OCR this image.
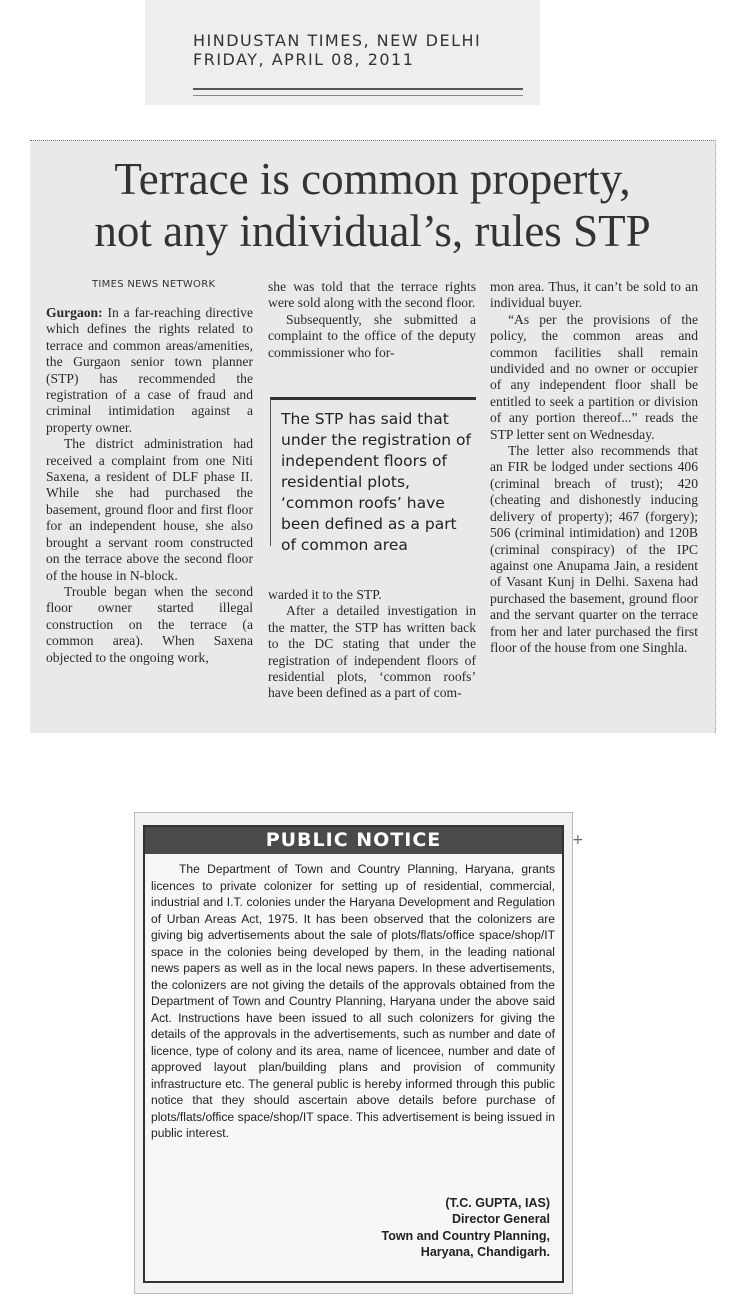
HINDUSTAN TIMES, NEW DELHI
FRIDAY, APRIL 08, 2011
Terrace is common property,
not any individual’s, rules STP
TIMES NEWS NETWORK

Gurgaon: In a far-reaching directive which defines the rights related to terrace and common areas/amenities, the Gurgaon senior town planner (STP) has recommended the registration of a case of fraud and criminal intimidation against a property owner.

The district administration had received a complaint from one Niti Saxena, a resident of DLF phase II. While she had purchased the basement, ground floor and first floor for an independent house, she also brought a servant room constructed on the terrace above the second floor of the house in N-block.

Trouble began when the second floor owner started illegal construction on the terrace (a common area). When Saxena objected to the ongoing work,

she was told that the terrace rights were sold along with the second floor.

Subsequently, she submitted a complaint to the office of the deputy commissioner who for-

The STP has said that under the registration of independent floors of residential plots, ‘common roofs’ have been defined as a part of common area

warded it to the STP.

After a detailed investigation in the matter, the STP has written back to the DC stating that under the registration of independent floors of residential plots, ‘common roofs’ have been defined as a part of com-

mon area. Thus, it can’t be sold to an individual buyer.

“As per the provisions of the policy, the common areas and common facilities shall remain undivided and no owner or occupier of any independent floor shall be entitled to seek a partition or division of any portion thereof...” reads the STP letter sent on Wednesday.

The letter also recommends that an FIR be lodged under sections 406 (criminal breach of trust); 420 (cheating and dishonestly inducing delivery of property); 467 (forgery); 506 (criminal intimidation) and 120B (criminal conspiracy) of the IPC against one Anupama Jain, a resident of Vasant Kunj in Delhi. Saxena had purchased the basement, ground floor and the servant quarter on the terrace from her and later purchased the first floor of the house from one Singhla.

PUBLIC NOTICE
The Department of Town and Country Planning, Haryana, grants licences to private colonizer for setting up of residential, commercial, industrial and I.T. colonies under the Haryana Development and Regulation of Urban Areas Act, 1975. It has been observed that the colonizers are giving big advertisements about the sale of plots/flats/office space/shop/IT space in the colonies being developed by them, in the leading national news papers as well as in the local news papers. In these advertisements, the colonizers are not giving the details of the approvals obtained from the Department of Town and Country Planning, Haryana under the above said Act. Instructions have been issued to all such colonizers for giving the details of the approvals in the advertisements, such as number and date of licence, type of colony and its area, name of licencee, number and date of approved layout plan/building plans and provision of community infrastructure etc. The general public is hereby informed through this public notice that they should ascertain above details before purchase of plots/flats/office space/shop/IT space. This advertisement is being issued in public interest.
(T.C. GUPTA, IAS)
Director General
Town and Country Planning,
Haryana, Chandigarh.
+
